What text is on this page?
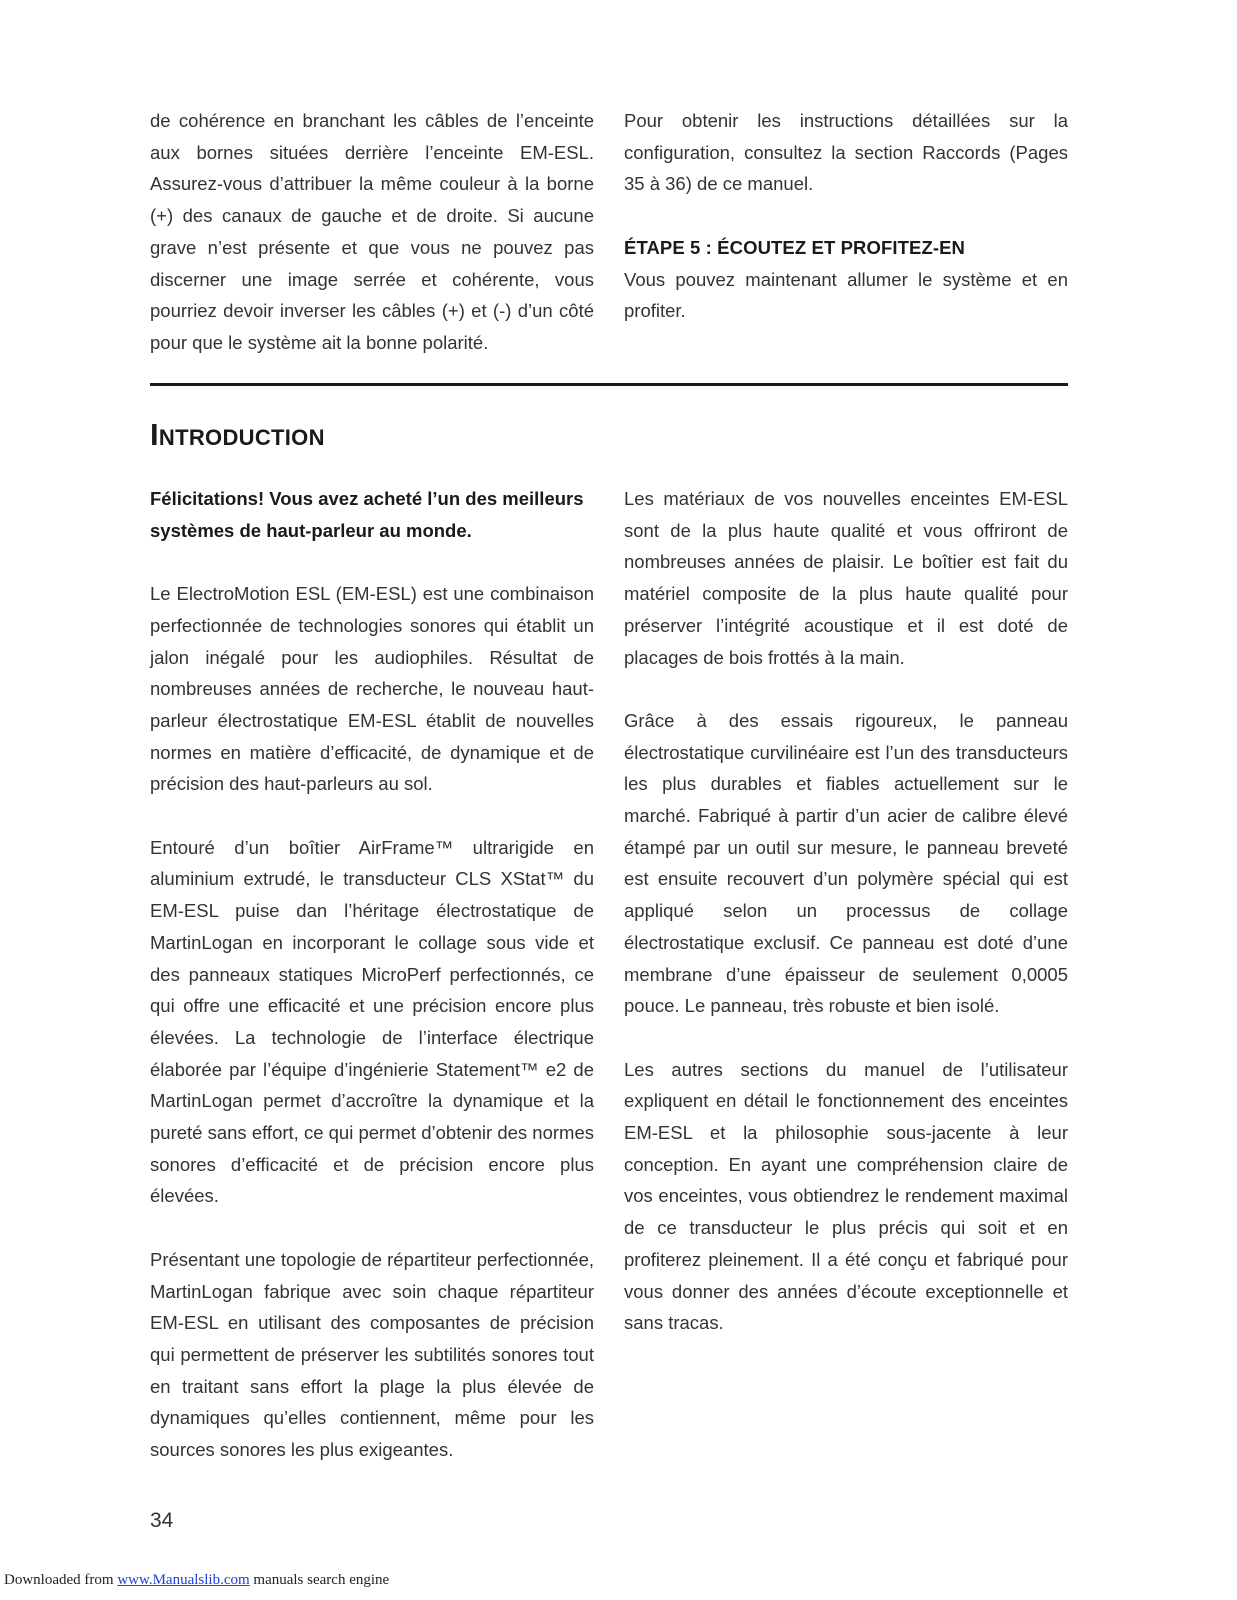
de cohérence en branchant les câbles de l’enceinte aux bornes situées derrière l’enceinte EM-ESL. Assurez-vous d’attribuer la même couleur à la borne (+) des canaux de gauche et de droite. Si aucune grave n’est présente et que vous ne pouvez pas discerner une image serrée et cohérente, vous pourriez devoir inverser les câbles (+) et (-) d’un côté pour que le système ait la bonne polarité.

Pour obtenir les instructions détaillées sur la configuration, consultez la section Raccords (Pages 35 à 36) de ce manuel.

ÉTAPE 5 : ÉCOUTEZ ET PROFITEZ-EN

Vous pouvez maintenant allumer le système et en profiter.

Introduction

Félicitations! Vous avez acheté l’un des meilleurs systèmes de haut-parleur au monde.

Le ElectroMotion ESL (EM-ESL) est une combinaison perfectionnée de technologies sonores qui établit un jalon inégalé pour les audiophiles. Résultat de nombreuses années de recherche, le nouveau haut-parleur électrostatique EM-ESL établit de nouvelles normes en matière d’efficacité, de dynamique et de précision des haut-parleurs au sol.

Entouré d’un boîtier AirFrame™ ultrarigide en aluminium extrudé, le transducteur CLS XStat™ du EM-ESL puise dan l’héritage électrostatique de MartinLogan en incorporant le collage sous vide et des panneaux statiques MicroPerf perfectionnés, ce qui offre une efficacité et une précision encore plus élevées. La technologie de l’interface électrique élaborée par l’équipe d’ingénierie Statement™ e2 de MartinLogan permet d’accroître la dynamique et la pureté sans effort, ce qui permet d’obtenir des normes sonores d’efficacité et de précision encore plus élevées.

Présentant une topologie de répartiteur perfectionnée, MartinLogan fabrique avec soin chaque répartiteur EM-ESL en utilisant des composantes de précision qui permettent de préserver les subtilités sonores tout en traitant sans effort la plage la plus élevée de dynamiques qu’elles contiennent, même pour les sources sonores les plus exigeantes.

Les matériaux de vos nouvelles enceintes EM-ESL sont de la plus haute qualité et vous offriront de nombreuses années de plaisir. Le boîtier est fait du matériel composite de la plus haute qualité pour préserver l’intégrité acoustique et il est doté de placages de bois frottés à la main.

Grâce à des essais rigoureux, le panneau électrostatique curvilinéaire est l’un des transducteurs les plus durables et fiables actuellement sur le marché. Fabriqué à partir d’un acier de calibre élevé étampé par un outil sur mesure, le panneau breveté est ensuite recouvert d’un polymère spécial qui est appliqué selon un processus de collage électrostatique exclusif. Ce panneau est doté d’une membrane d’une épaisseur de seulement 0,0005 pouce. Le panneau, très robuste et bien isolé.

Les autres sections du manuel de l’utilisateur expliquent en détail le fonctionnement des enceintes EM-ESL et la philosophie sous-jacente à leur conception. En ayant une compréhension claire de vos enceintes, vous obtiendrez le rendement maximal de ce transducteur le plus précis qui soit et en profiterez pleinement. Il a été conçu et fabriqué pour vous donner des années d’écoute exceptionnelle et sans tracas.

34
Downloaded from www.Manualslib.com manuals search engine
